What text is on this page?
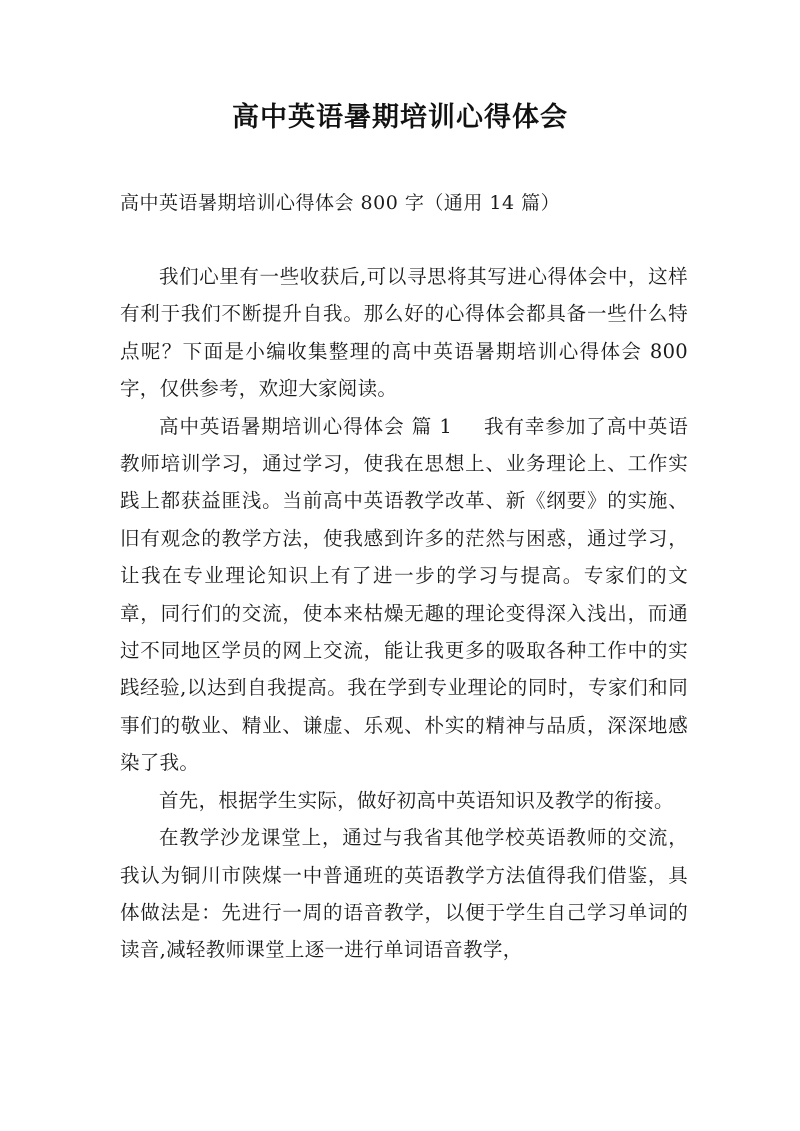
高中英语暑期培训心得体会
高中英语暑期培训心得体会 800 字（通用 14 篇）

我们心里有一些收获后,可以寻思将其写进心得体会中，这样有利于我们不断提升自我。那么好的心得体会都具备一些什么特点呢？下面是小编收集整理的高中英语暑期培训心得体会 800 字，仅供参考，欢迎大家阅读。

高中英语暑期培训心得体会 篇 1 我有幸参加了高中英语教师培训学习，通过学习，使我在思想上、业务理论上、工作实践上都获益匪浅。当前高中英语教学改革、新《纲要》的实施、旧有观念的教学方法，使我感到许多的茫然与困惑，通过学习，让我在专业理论知识上有了进一步的学习与提高。专家们的文章，同行们的交流，使本来枯燥无趣的理论变得深入浅出，而通过不同地区学员的网上交流，能让我更多的吸取各种工作中的实践经验,以达到自我提高。我在学到专业理论的同时，专家们和同事们的敬业、精业、谦虚、乐观、朴实的精神与品质，深深地感染了我。

首先，根据学生实际，做好初高中英语知识及教学的衔接。

在教学沙龙课堂上，通过与我省其他学校英语教师的交流，我认为铜川市陕煤一中普通班的英语教学方法值得我们借鉴，具体做法是：先进行一周的语音教学，以便于学生自己学习单词的读音,减轻教师课堂上逐一进行单词语音教学，
